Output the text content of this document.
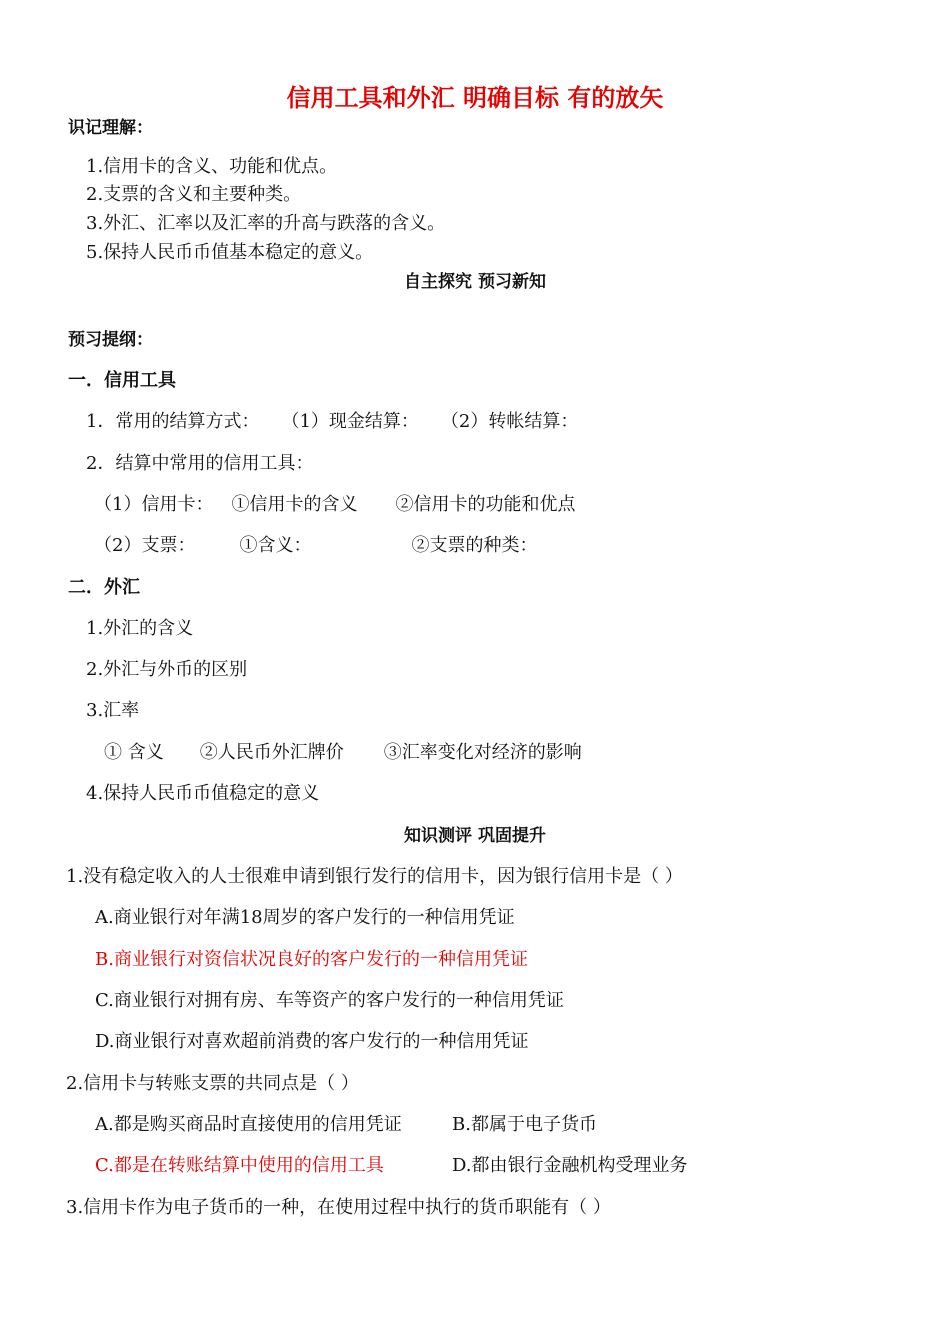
信用工具和外汇 明确目标 有的放矢
识记理解：
1.信用卡的含义、功能和优点。
2.支票的含义和主要种类。
3.外汇、汇率以及汇率的升高与跌落的含义。
5.保持人民币币值基本稳定的意义。
自主探究 预习新知
预习提纲：
一．信用工具
1．常用的结算方式： （1）现金结算： （2）转帐结算：
2．结算中常用的信用工具：
（1）信用卡： ①信用卡的含义 ②信用卡的功能和优点
（2）支票： ①含义：	②支票的种类：
二．外汇
1.外汇的含义
2.外汇与外币的区别
3.汇率
① 含义 ②人民币外汇牌价 ③汇率变化对经济的影响
4.保持人民币币值稳定的意义
知识测评 巩固提升
1.没有稳定收入的人士很难申请到银行发行的信用卡，因为银行信用卡是（ ）
A.商业银行对年满18周岁的客户发行的一种信用凭证
B.商业银行对资信状况良好的客户发行的一种信用凭证
C.商业银行对拥有房、车等资产的客户发行的一种信用凭证
D.商业银行对喜欢超前消费的客户发行的一种信用凭证
2.信用卡与转账支票的共同点是（ ）
A.都是购买商品时直接使用的信用凭证	B.都属于电子货币
C.都是在转账结算中使用的信用工具	D.都由银行金融机构受理业务
3.信用卡作为电子货币的一种，在使用过程中执行的货币职能有（ ）
